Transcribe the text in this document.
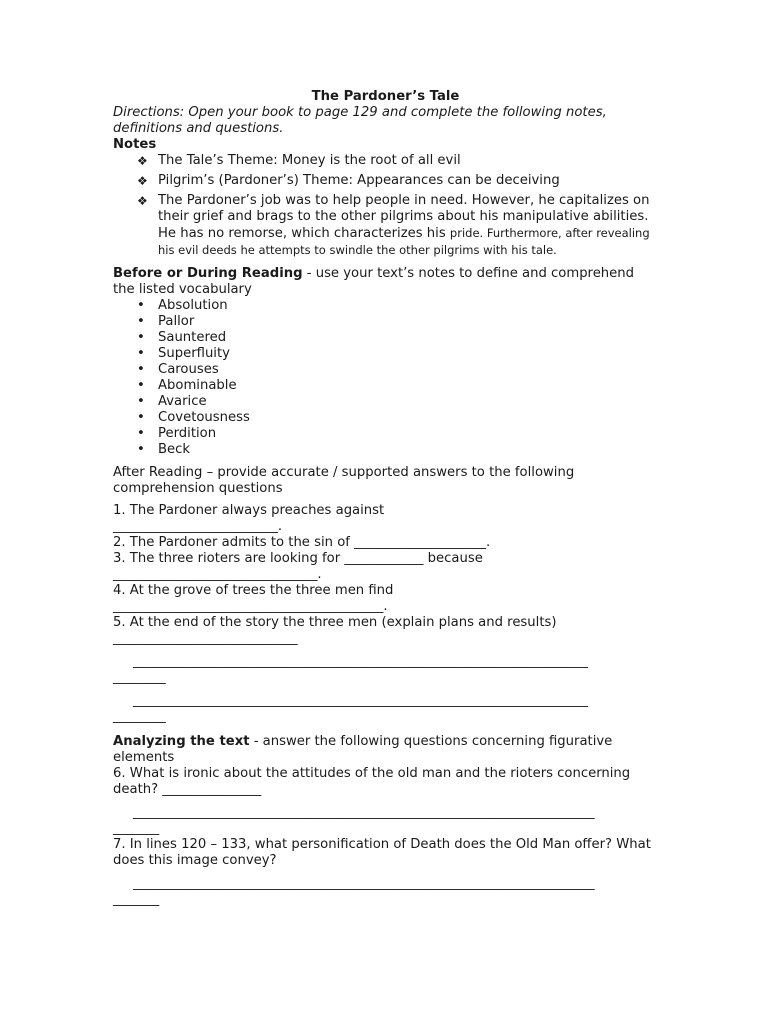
The Pardoner’s Tale
Directions: Open your book to page 129 and complete the following notes, definitions and questions.
Notes
❖ The Tale’s Theme: Money is the root of all evil
❖ Pilgrim’s (Pardoner’s) Theme: Appearances can be deceiving
❖ The Pardoner’s job was to help people in need. However, he capitalizes on their grief and brags to the other pilgrims about his manipulative abilities. He has no remorse, which characterizes his pride. Furthermore, after revealing his evil deeds he attempts to swindle the other pilgrims with his tale.
Before or During Reading - use your text’s notes to define and comprehend the listed vocabulary
• Absolution
• Pallor
• Sauntered
• Superfluity
• Carouses
• Abominable
• Avarice
• Covetousness
• Perdition
• Beck
After Reading – provide accurate / supported answers to the following comprehension questions
1. The Pardoner always preaches against
_________________________.
2. The Pardoner admits to the sin of ____________________.
3. The three rioters are looking for ____________ because
_______________________________.
4. At the grove of trees the three men find
_________________________________________.
5. At the end of the story the three men (explain plans and results)
____________________________
_____________________________________________________________________
________
_____________________________________________________________________
________
Analyzing the text - answer the following questions concerning figurative elements
6. What is ironic about the attitudes of the old man and the rioters concerning death? _______________
______________________________________________________________________
_______
7. In lines 120 – 133, what personification of Death does the Old Man offer? What does this image convey?
______________________________________________________________________
_______
